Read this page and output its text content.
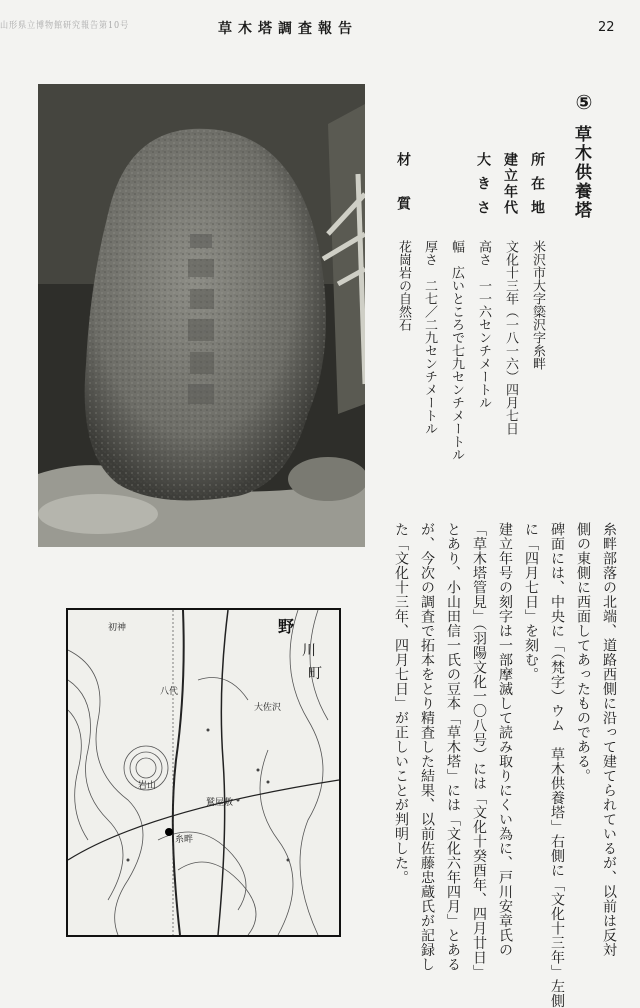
山形県立博物館研究報告第10号	草木塔調査報告	22
野
川
町
初神
大佐沢
八代
糸畔
鷲屋敷
岩山
⑤
草木供養塔
所在地
建立年代
大きさ
材質
米沢市大字簗沢字糸畔
文化十三年（一八一六）四月七日
高さ　一一六センチメートル
幅　広いところで七九センチメートル
厚さ　二七／二九センチメートル
花崗岩の自然石
糸畔部落の北端、道路西側に沿って建てられているが、以前は反対
側の東側に西面してあったものである。
碑面には、中央に「（梵字）ウム　草木供養塔」右側に「文化十三年」左側
に「四月七日」を刻む。
建立年号の刻字は一部摩滅して読み取りにくい為に、戸川安章氏の
「草木塔管見」（羽陽文化一〇八号）には「文化十癸酉年、四月廿日」
とあり、小山田信一氏の豆本「草木塔」には「文化六年四月」とある
が、今次の調査で拓本をとり精査した結果、以前佐藤忠蔵氏が記録し
た「文化十三年、四月七日」が正しいことが判明した。
